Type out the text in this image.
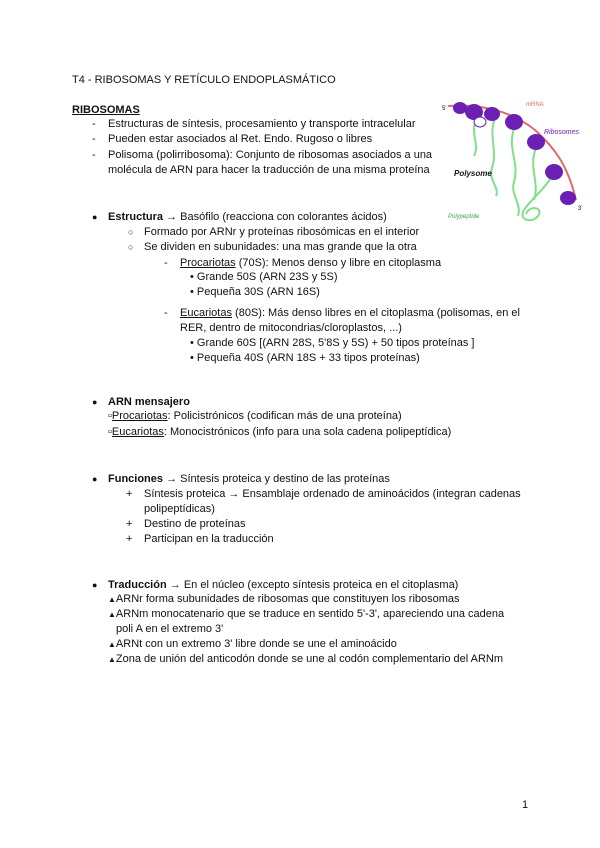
T4 - RIBOSOMAS Y RETÍCULO ENDOPLASMÁTICO
RIBOSOMAS
- Estructuras de síntesis, procesamiento y transporte intracelular
- Pueden estar asociados al Ret. Endo. Rugoso o libres
- Polisoma (polirribosoma): Conjunto de ribosomas asociados a una
molécula de ARN para hacer la traducción de una misma proteína
mRNA
Ribosomes
Polysome
Polypeptide
5'
3'
● Estructura → Basófilo (reacciona con colorantes ácidos)
○ Formado por ARNr y proteínas ribosómicas en el interior
○ Se dividen en subunidades: una mas grande que la otra
- Procariotas (70S): Menos denso y libre en citoplasma
• Grande 50S (ARN 23S y 5S)
• Pequeña 30S (ARN 16S)
- Eucariotas (80S): Más denso libres en el citoplasma (polisomas, en el
RER, dentro de mitocondrias/cloroplastos, ...)
• Grande 60S [(ARN 28S, 5'8S y 5S) + 50 tipos proteínas ]
• Pequeña 40S (ARN 18S + 33 tipos proteínas)
● ARN mensajero
▫Procariotas: Policistrónicos (codifican más de una proteína)
▫Eucariotas: Monocistrónicos (info para una sola cadena polipeptídica)
● Funciones → Síntesis proteica y destino de las proteínas
+ Síntesis proteica → Ensamblaje ordenado de aminoácidos (integran cadenas
polipeptídicas)
+ Destino de proteínas
+ Participan en la traducción
● Traducción → En el núcleo (excepto síntesis proteica en el citoplasma)
▲ARNr forma subunidades de ribosomas que constituyen los ribosomas
▲ARNm monocatenario que se traduce en sentido 5'-3', apareciendo una cadena
poli A en el extremo 3'
▲ARNt con un extremo 3' libre donde se une el aminoácido
▲Zona de unión del anticodón donde se une al codón complementario del ARNm
1
